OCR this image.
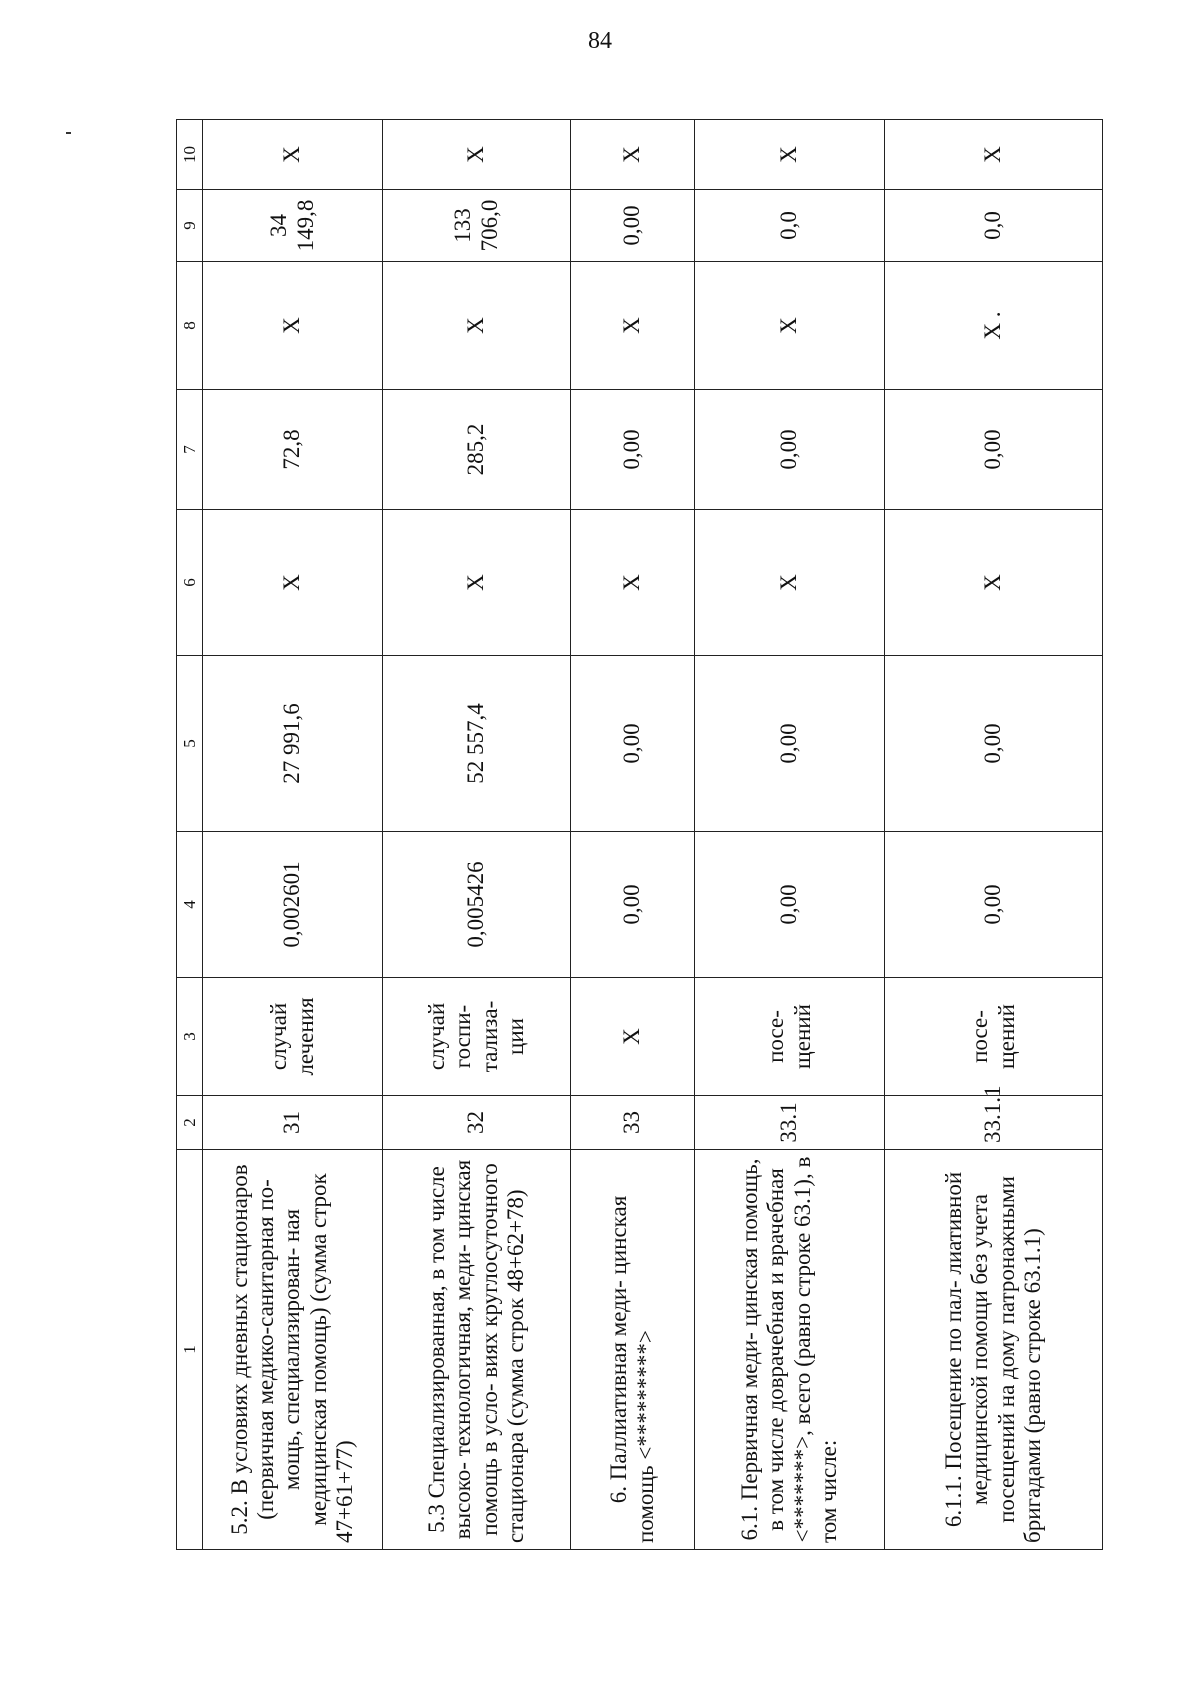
84
1	2	3	4	5	6	7	8	9	10
5.2. В условиях дневных стационаров (первичная медико-санитарная по- мощь, специализирован- ная медицинская помощь) (сумма строк 47+61+77)	31	случай лечения	0,002601	27 991,6	X	72,8	X	34 149,8	X
5.3 Специализированная, в том числе высоко- технологичная, меди- цинская помощь в усло- виях круглосуточного стационара (сумма строк 48+62+78)	32	случай госпи- тализа- ции	0,005426	52 557,4	X	285,2	X	133 706,0	X
6. Паллиативная меди- цинская помощь <*********>	33	X	0,00	0,00	X	0,00	X	0,00	X
6.1. Первичная меди- цинская помощь, в том числе доврачебная и врачебная <*******>, всего (равно строке 63.1), в том числе:	33.1	посе- щений	0,00	0,00	X	0,00	X	0,0	X
6.1.1. Посещение по пал- лиативной медицинской помощи без учета посещений на дому патронажными бригадами (равно строке 63.1.1)	33.1.1	посе- щений	0,00	0,00	X	0,00	X .	0,0	X
